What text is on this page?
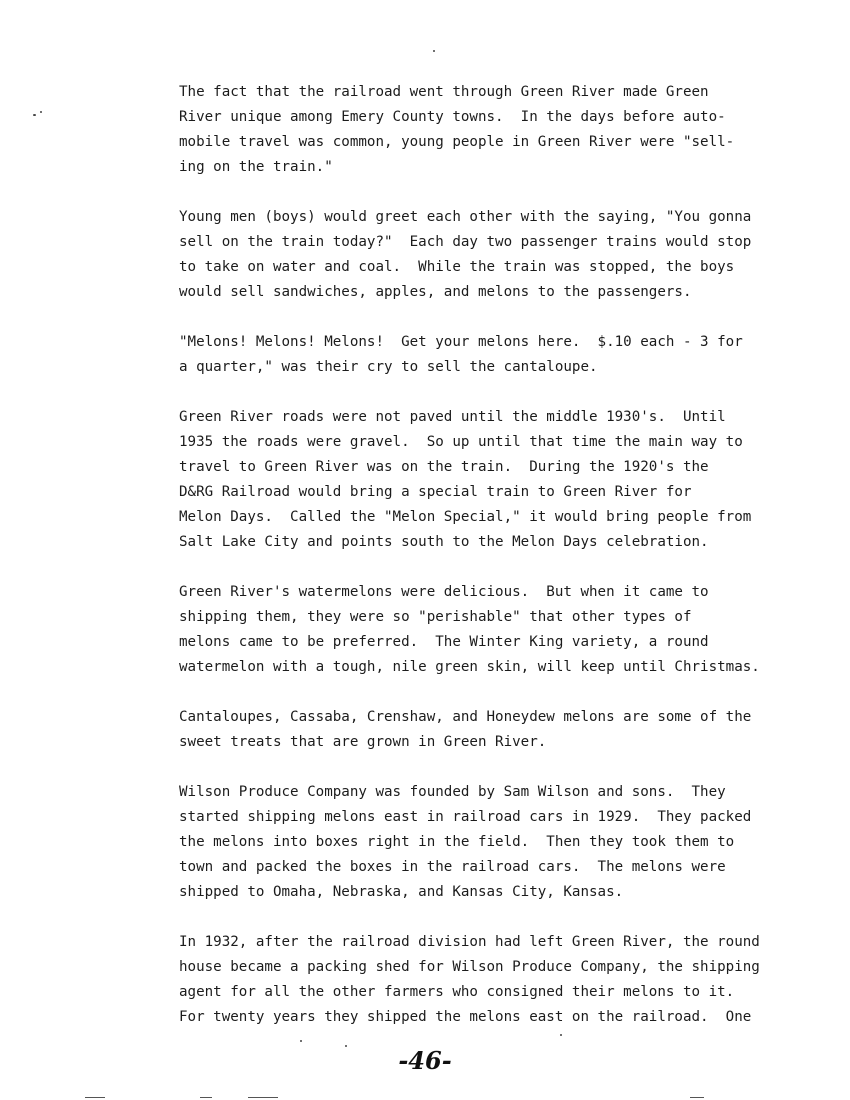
The fact that the railroad went through Green River made Green
River unique among Emery County towns.  In the days before auto-
mobile travel was common, young people in Green River were "sell-
ing on the train."
Young men (boys) would greet each other with the saying, "You gonna
sell on the train today?"  Each day two passenger trains would stop
to take on water and coal.  While the train was stopped, the boys
would sell sandwiches, apples, and melons to the passengers.
"Melons! Melons! Melons!  Get your melons here.  $.10 each - 3 for
a quarter," was their cry to sell the cantaloupe.
Green River roads were not paved until the middle 1930's.  Until
1935 the roads were gravel.  So up until that time the main way to
travel to Green River was on the train.  During the 1920's the
D&RG Railroad would bring a special train to Green River for
Melon Days.  Called the "Melon Special," it would bring people from
Salt Lake City and points south to the Melon Days celebration.
Green River's watermelons were delicious.  But when it came to
shipping them, they were so "perishable" that other types of
melons came to be preferred.  The Winter King variety, a round
watermelon with a tough, nile green skin, will keep until Christmas.
Cantaloupes, Cassaba, Crenshaw, and Honeydew melons are some of the
sweet treats that are grown in Green River.
Wilson Produce Company was founded by Sam Wilson and sons.  They
started shipping melons east in railroad cars in 1929.  They packed
the melons into boxes right in the field.  Then they took them to
town and packed the boxes in the railroad cars.  The melons were
shipped to Omaha, Nebraska, and Kansas City, Kansas.
In 1932, after the railroad division had left Green River, the round
house became a packing shed for Wilson Produce Company, the shipping
agent for all the other farmers who consigned their melons to it.
For twenty years they shipped the melons east on the railroad.  One
-46-
